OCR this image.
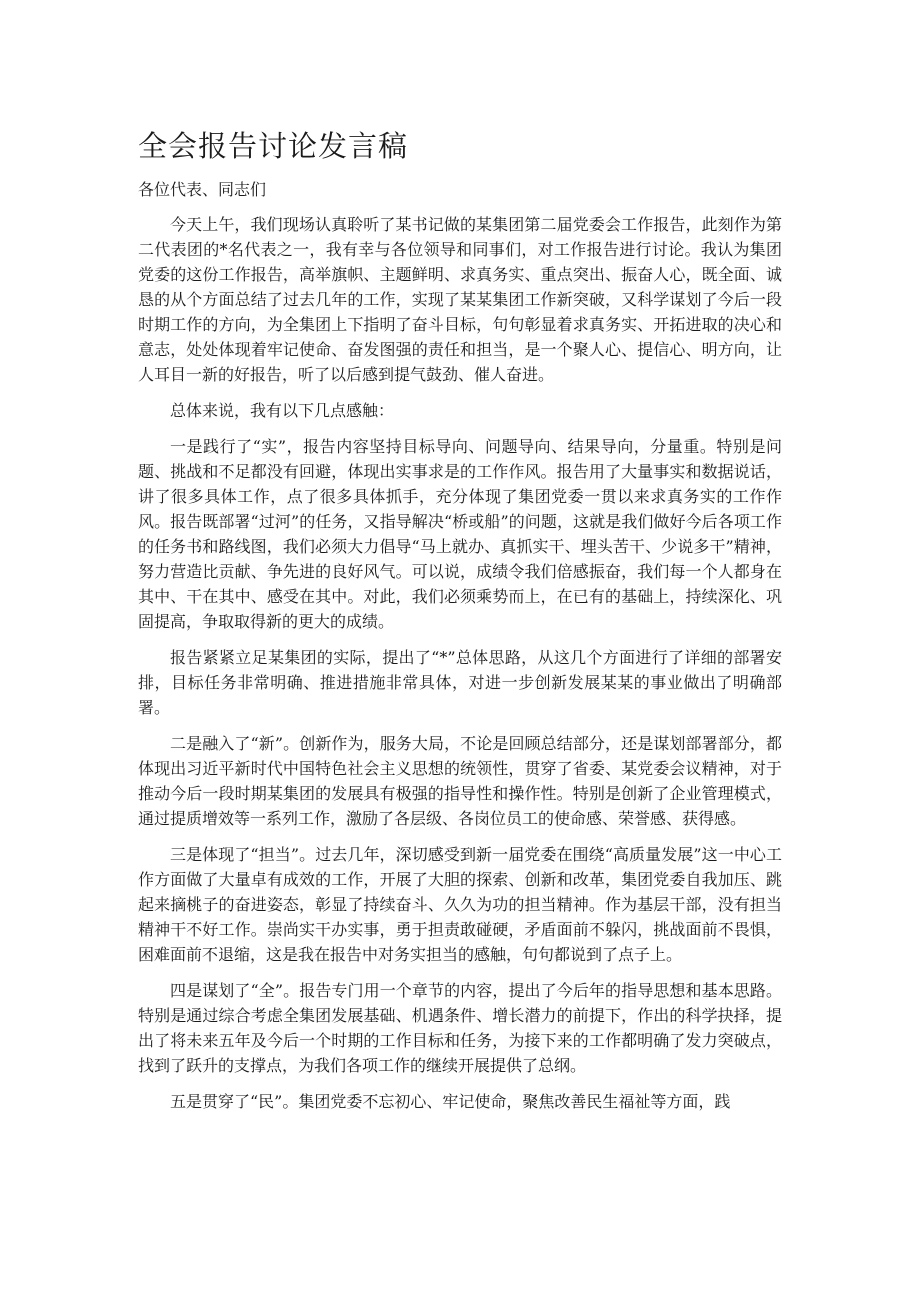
全会报告讨论发言稿

各位代表、同志们

今天上午，我们现场认真聆听了某书记做的某集团第二届党委会工作报告，此刻作为第二代表团的*名代表之一，我有幸与各位领导和同事们，对工作报告进行讨论。我认为集团党委的这份工作报告，高举旗帜、主题鲜明、求真务实、重点突出、振奋人心，既全面、诚恳的从个方面总结了过去几年的工作，实现了某某集团工作新突破，又科学谋划了今后一段时期工作的方向，为全集团上下指明了奋斗目标，句句彰显着求真务实、开拓进取的决心和意志，处处体现着牢记使命、奋发图强的责任和担当，是一个聚人心、提信心、明方向，让人耳目一新的好报告，听了以后感到提气鼓劲、催人奋进。

总体来说，我有以下几点感触：

一是践行了“实”，报告内容坚持目标导向、问题导向、结果导向，分量重。特别是问题、挑战和不足都没有回避，体现出实事求是的工作作风。报告用了大量事实和数据说话，讲了很多具体工作，点了很多具体抓手，充分体现了集团党委一贯以来求真务实的工作作风。报告既部署“过河”的任务，又指导解决“桥或船”的问题，这就是我们做好今后各项工作的任务书和路线图，我们必须大力倡导“马上就办、真抓实干、埋头苦干、少说多干”精神，努力营造比贡献、争先进的良好风气。可以说，成绩令我们倍感振奋，我们每一个人都身在其中、干在其中、感受在其中。对此，我们必须乘势而上，在已有的基础上，持续深化、巩固提高，争取取得新的更大的成绩。

报告紧紧立足某集团的实际，提出了“*”总体思路，从这几个方面进行了详细的部署安排，目标任务非常明确、推进措施非常具体，对进一步创新发展某某的事业做出了明确部署。

二是融入了“新”。创新作为，服务大局，不论是回顾总结部分，还是谋划部署部分，都体现出习近平新时代中国特色社会主义思想的统领性，贯穿了省委、某党委会议精神，对于推动今后一段时期某集团的发展具有极强的指导性和操作性。特别是创新了企业管理模式，通过提质增效等一系列工作，激励了各层级、各岗位员工的使命感、荣誉感、获得感。

三是体现了“担当”。过去几年，深切感受到新一届党委在围绕“高质量发展”这一中心工作方面做了大量卓有成效的工作，开展了大胆的探索、创新和改革，集团党委自我加压、跳起来摘桃子的奋进姿态，彰显了持续奋斗、久久为功的担当精神。作为基层干部，没有担当精神干不好工作。崇尚实干办实事，勇于担责敢碰硬，矛盾面前不躲闪，挑战面前不畏惧，困难面前不退缩，这是我在报告中对务实担当的感触，句句都说到了点子上。

四是谋划了“全”。报告专门用一个章节的内容，提出了今后年的指导思想和基本思路。特别是通过综合考虑全集团发展基础、机遇条件、增长潜力的前提下，作出的科学抉择，提出了将未来五年及今后一个时期的工作目标和任务，为接下来的工作都明确了发力突破点，找到了跃升的支撑点，为我们各项工作的继续开展提供了总纲。

五是贯穿了“民”。集团党委不忘初心、牢记使命，聚焦改善民生福祉等方面，践
